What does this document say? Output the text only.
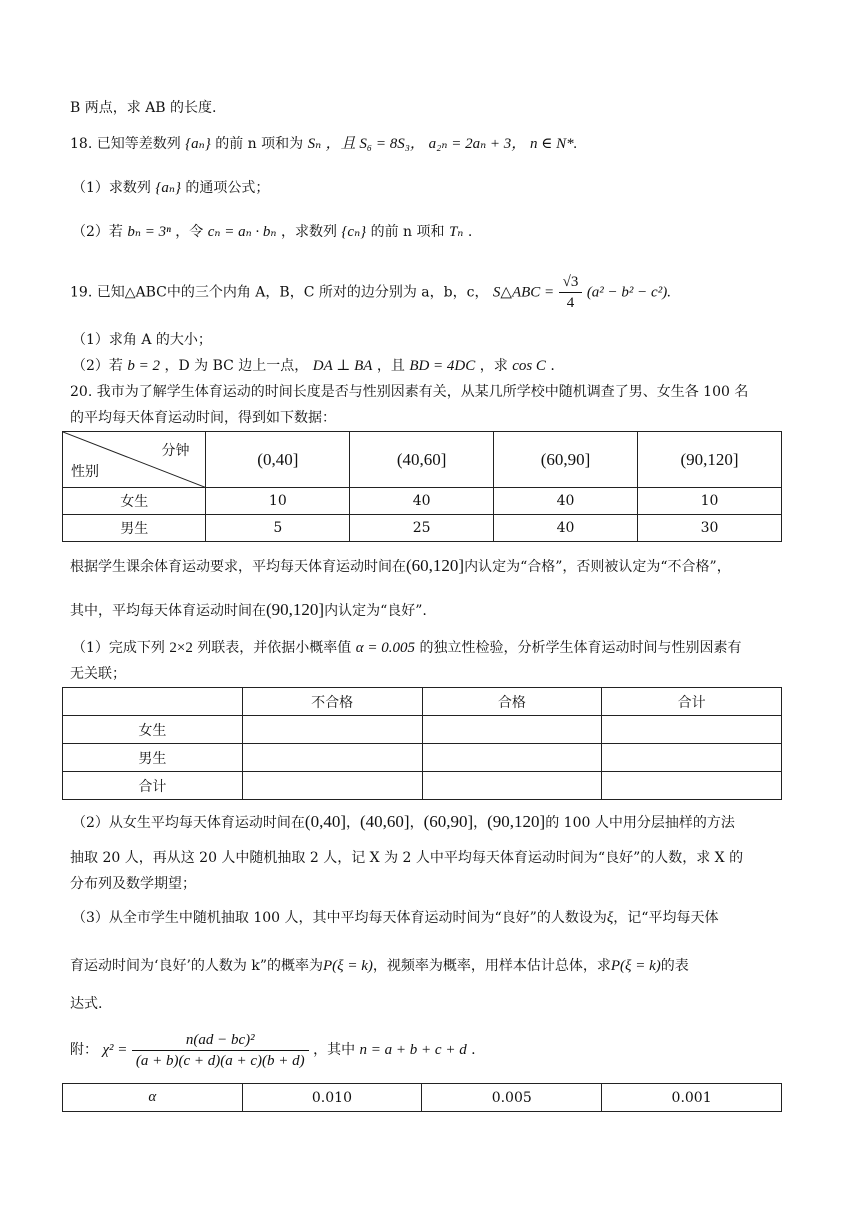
B 两点，求 AB 的长度.
18. 已知等差数列 {aₙ} 的前 n 项和为 Sₙ ，且 S₆ = 8S₃， a₂ₙ = 2aₙ + 3， n ∈ N*.
（1）求数列 {aₙ} 的通项公式；
（2）若 bₙ = 3ⁿ ，令 cₙ = aₙ · bₙ ，求数列 {cₙ} 的前 n 项和 Tₙ .
19. 已知△ABC中的三个内角 A，B，C 所对的边分别为 a，b，c， S△ABC = $\frac{√3}{4} (a^2 - b^2 - c^2)$.
（1）求角 A 的大小；
（2）若 b = 2 ，D 为 BC 边上一点， DA ⊥ BA ，且 BD = 4DC ，求 cos C .
20. 我市为了解学生体育运动的时间长度是否与性别因素有关，从某几所学校中随机调查了男、女生各 100 名
的平均每天体育运动时间，得到如下数据：
分钟
性别	(0,40]	(40,60]	(60,90]	(90,120]
女生	10	40	40	10
男生	5	25	40	30
根据学生课余体育运动要求，平均每天体育运动时间在(60,120]内认定为“合格”，否则被认定为“不合格”，
其中，平均每天体育运动时间在(90,120]内认定为“良好”.
（1）完成下列 2×2 列联表，并依据小概率值 α = 0.005 的独立性检验，分析学生体育运动时间与性别因素有
无关联；
	不合格	合格	合计
女生			
男生			
合计			
（2）从女生平均每天体育运动时间在(0,40]，(40,60]，(60,90]，(90,120]的 100 人中用分层抽样的方法
抽取 20 人，再从这 20 人中随机抽取 2 人，记 X 为 2 人中平均每天体育运动时间为“良好”的人数，求 X 的
分布列及数学期望；
（3）从全市学生中随机抽取 100 人，其中平均每天体育运动时间为“良好”的人数设为ξ，记“平均每天体
育运动时间为‘良好’的人数为 k”的概率为P(ξ = k)，视频率为概率，用样本估计总体，求P(ξ = k)的表
达式.
附： $\chi^2 = \frac{\text{n(ad − bc)²}}{(a + b)(c + d)(a + c)(b + d)}$ ，其中 n = a + b + c + d .
α	0.010	0.005	0.001
